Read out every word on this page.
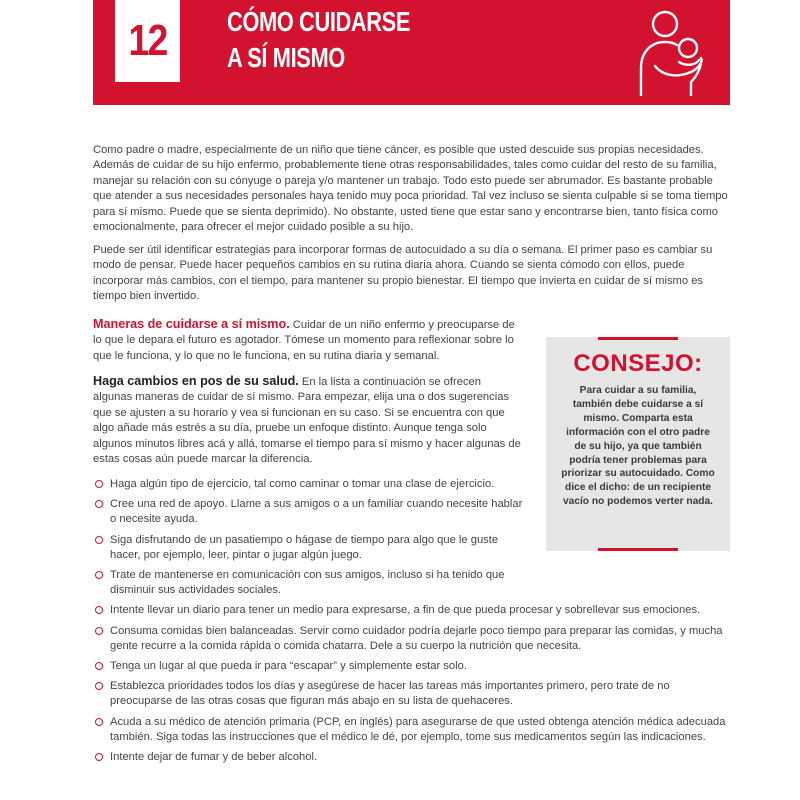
12 CÓMO CUIDARSE
A SÍ MISMO

Como padre o madre, especialmente de un niño que tiene cáncer, es posible que usted descuide sus propias necesidades. Además de cuidar de su hijo enfermo, probablemente tiene otras responsabilidades, tales como cuidar del resto de su familia, manejar su relación con su cónyuge o pareja y/o mantener un trabajo. Todo esto puede ser abrumador. Es bastante probable que atender a sus necesidades personales haya tenido muy poca prioridad. Tal vez incluso se sienta culpable si se toma tiempo para sí mismo. Puede que se sienta deprimido). No obstante, usted tiene que estar sano y encontrarse bien, tanto física como emocionalmente, para ofrecer el mejor cuidado posible a su hijo.

Puede ser útil identificar estrategias para incorporar formas de autocuidado a su día o semana. El primer paso es cambiar su modo de pensar. Puede hacer pequeños cambios en su rutina diaria ahora. Cuando se sienta cómodo con ellos, puede incorporar más cambios, con el tiempo, para mantener su propio bienestar. El tiempo que invierta en cuidar de sí mismo es tiempo bien invertido.

Maneras de cuidarse a sí mismo. Cuidar de un niño enfermo y preocuparse de lo que le depara el futuro es agotador. Tómese un momento para reflexionar sobre lo que le funciona, y lo que no le funciona, en su rutina diaria y semanal.

Haga cambios en pos de su salud. En la lista a continuación se ofrecen algunas maneras de cuidar de sí mismo. Para empezar, elija una o dos sugerencias que se ajusten a su horario y vea si funcionan en su caso. Si se encuentra con que algo añade más estrés a su día, pruebe un enfoque distinto. Aunque tenga solo algunos minutos libres acá y allá, tomarse el tiempo para sí mismo y hacer algunas de estas cosas aún puede marcar la diferencia.

CONSEJO:
Para cuidar a su familia, también debe cuidarse a sí mismo. Comparta esta información con el otro padre de su hijo, ya que también podría tener problemas para priorizar su autocuidado. Como dice el dicho: de un recipiente vacío no podemos verter nada.
Haga algún tipo de ejercicio, tal como caminar o tomar una clase de ejercicio.
Cree una red de apoyo. Llame a sus amigos o a un familiar cuando necesite hablar o necesite ayuda.
Siga disfrutando de un pasatiempo o hágase de tiempo para algo que le guste hacer, por ejemplo, leer, pintar o jugar algún juego.
Trate de mantenerse en comunicación con sus amigos, incluso si ha tenido que disminuir sus actividades sociales.
Intente llevar un diario para tener un medio para expresarse, a fin de que pueda procesar y sobrellevar sus emociones.
Consuma comidas bien balanceadas. Servir como cuidador podría dejarle poco tiempo para preparar las comidas, y mucha gente recurre a la comida rápida o comida chatarra. Dele a su cuerpo la nutrición que necesita.
Tenga un lugar al que pueda ir para “escapar” y simplemente estar solo.
Establezca prioridades todos los días y asegúrese de hacer las tareas más importantes primero, pero trate de no preocuparse de las otras cosas que figuran más abajo en su lista de quehaceres.
Acuda a su médico de atención primaria (PCP, en inglés) para asegurarse de que usted obtenga atención médica adecuada también. Siga todas las instrucciones que el médico le dé, por ejemplo, tome sus medicamentos según las indicaciones.
Intente dejar de fumar y de beber alcohol.
